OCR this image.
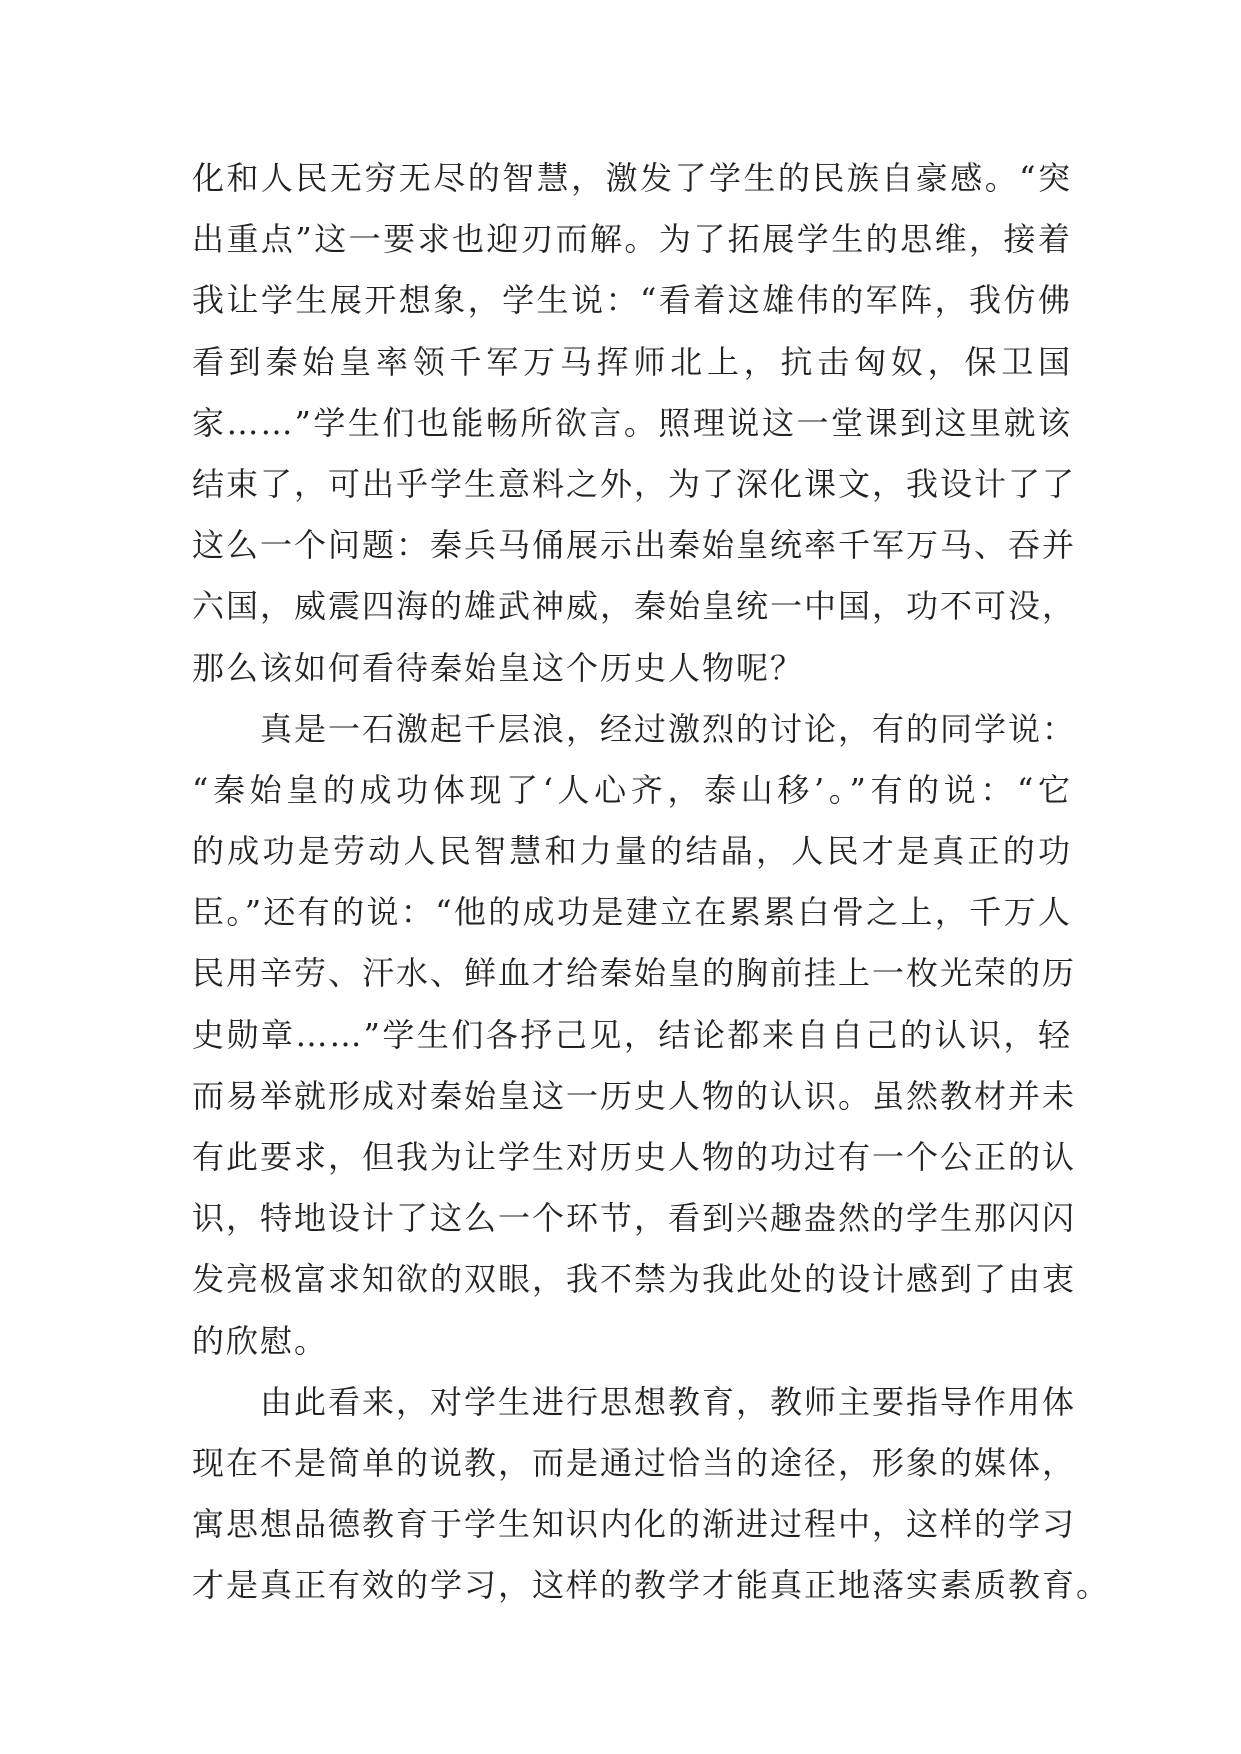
化和人民无穷无尽的智慧，激发了学生的民族自豪感。“突
出重点”这一要求也迎刃而解。为了拓展学生的思维，接着
我让学生展开想象，学生说：“看着这雄伟的军阵，我仿佛
看到秦始皇率领千军万马挥师北上，抗击匈奴，保卫国
家……”学生们也能畅所欲言。照理说这一堂课到这里就该
结束了，可出乎学生意料之外，为了深化课文，我设计了了
这么一个问题：秦兵马俑展示出秦始皇统率千军万马、吞并
六国，威震四海的雄武神威，秦始皇统一中国，功不可没，
那么该如何看待秦始皇这个历史人物呢？
　　真是一石激起千层浪，经过激烈的讨论，有的同学说：
“秦始皇的成功体现了‘人心齐，泰山移’。”有的说：“它
的成功是劳动人民智慧和力量的结晶，人民才是真正的功
臣。”还有的说：“他的成功是建立在累累白骨之上，千万人
民用辛劳、汗水、鲜血才给秦始皇的胸前挂上一枚光荣的历
史勋章……”学生们各抒己见，结论都来自自己的认识，轻
而易举就形成对秦始皇这一历史人物的认识。虽然教材并未
有此要求，但我为让学生对历史人物的功过有一个公正的认
识，特地设计了这么一个环节，看到兴趣盎然的学生那闪闪
发亮极富求知欲的双眼，我不禁为我此处的设计感到了由衷
的欣慰。
　　由此看来，对学生进行思想教育，教师主要指导作用体
现在不是简单的说教，而是通过恰当的途径，形象的媒体，
寓思想品德教育于学生知识内化的渐进过程中，这样的学习
才是真正有效的学习，这样的教学才能真正地落实素质教育。
